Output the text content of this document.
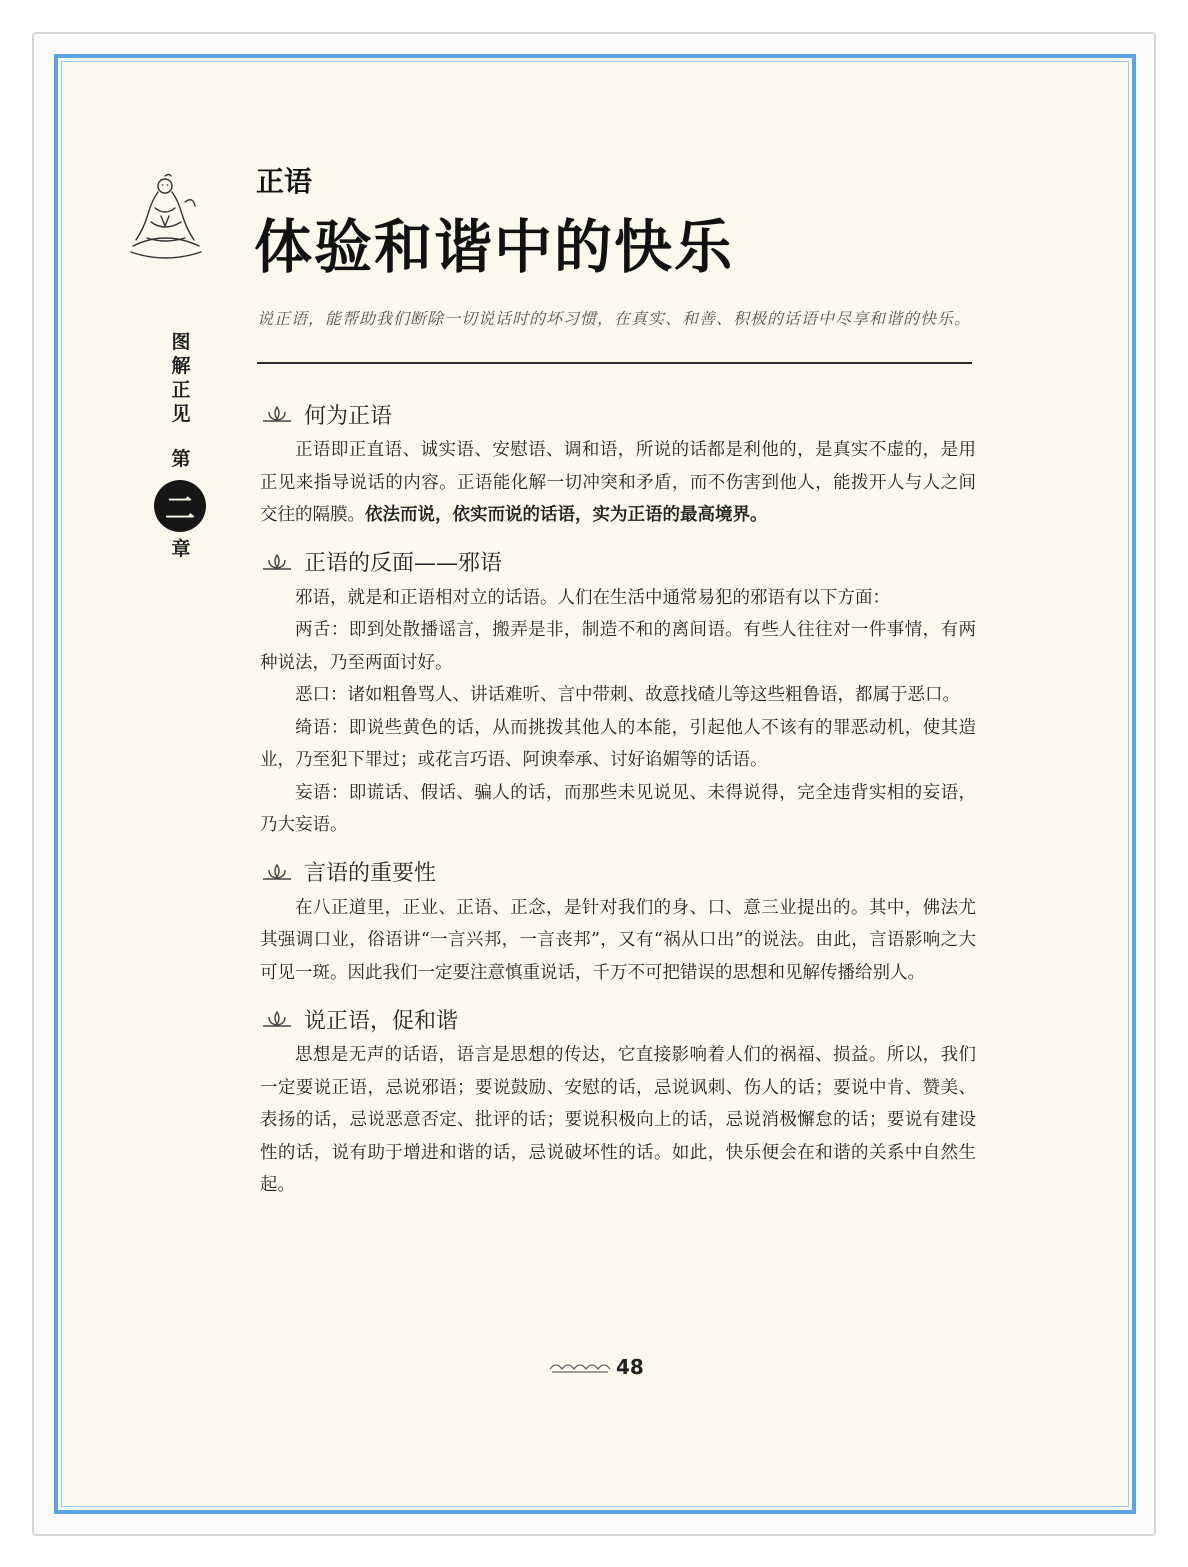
图
解
正
见
第
二
章
正语
体验和谐中的快乐
说正语，能帮助我们断除一切说话时的坏习惯，在真实、和善、积极的话语中尽享和谐的快乐。
何为正语

正语即正直语、诚实语、安慰语、调和语，所说的话都是利他的，是真实不虚的，是用正见来指导说话的内容。正语能化解一切冲突和矛盾，而不伤害到他人，能拨开人与人之间交往的隔膜。依法而说，依实而说的话语，实为正语的最高境界。

正语的反面——邪语

邪语，就是和正语相对立的话语。人们在生活中通常易犯的邪语有以下方面：

两舌：即到处散播谣言，搬弄是非，制造不和的离间语。有些人往往对一件事情，有两种说法，乃至两面讨好。

恶口：诸如粗鲁骂人、讲话难听、言中带刺、故意找碴儿等这些粗鲁语，都属于恶口。

绮语：即说些黄色的话，从而挑拨其他人的本能，引起他人不该有的罪恶动机，使其造业，乃至犯下罪过；或花言巧语、阿谀奉承、讨好谄媚等的话语。

妄语：即谎话、假话、骗人的话，而那些未见说见、未得说得，完全违背实相的妄语，乃大妄语。

言语的重要性

在八正道里，正业、正语、正念，是针对我们的身、口、意三业提出的。其中，佛法尤其强调口业，俗语讲“一言兴邦，一言丧邦”，又有“祸从口出”的说法。由此，言语影响之大可见一斑。因此我们一定要注意慎重说话，千万不可把错误的思想和见解传播给别人。

说正语，促和谐

思想是无声的话语，语言是思想的传达，它直接影响着人们的祸福、损益。所以，我们一定要说正语，忌说邪语；要说鼓励、安慰的话，忌说讽刺、伤人的话；要说中肯、赞美、表扬的话，忌说恶意否定、批评的话；要说积极向上的话，忌说消极懈怠的话；要说有建设性的话，说有助于增进和谐的话，忌说破坏性的话。如此，快乐便会在和谐的关系中自然生起。

48
